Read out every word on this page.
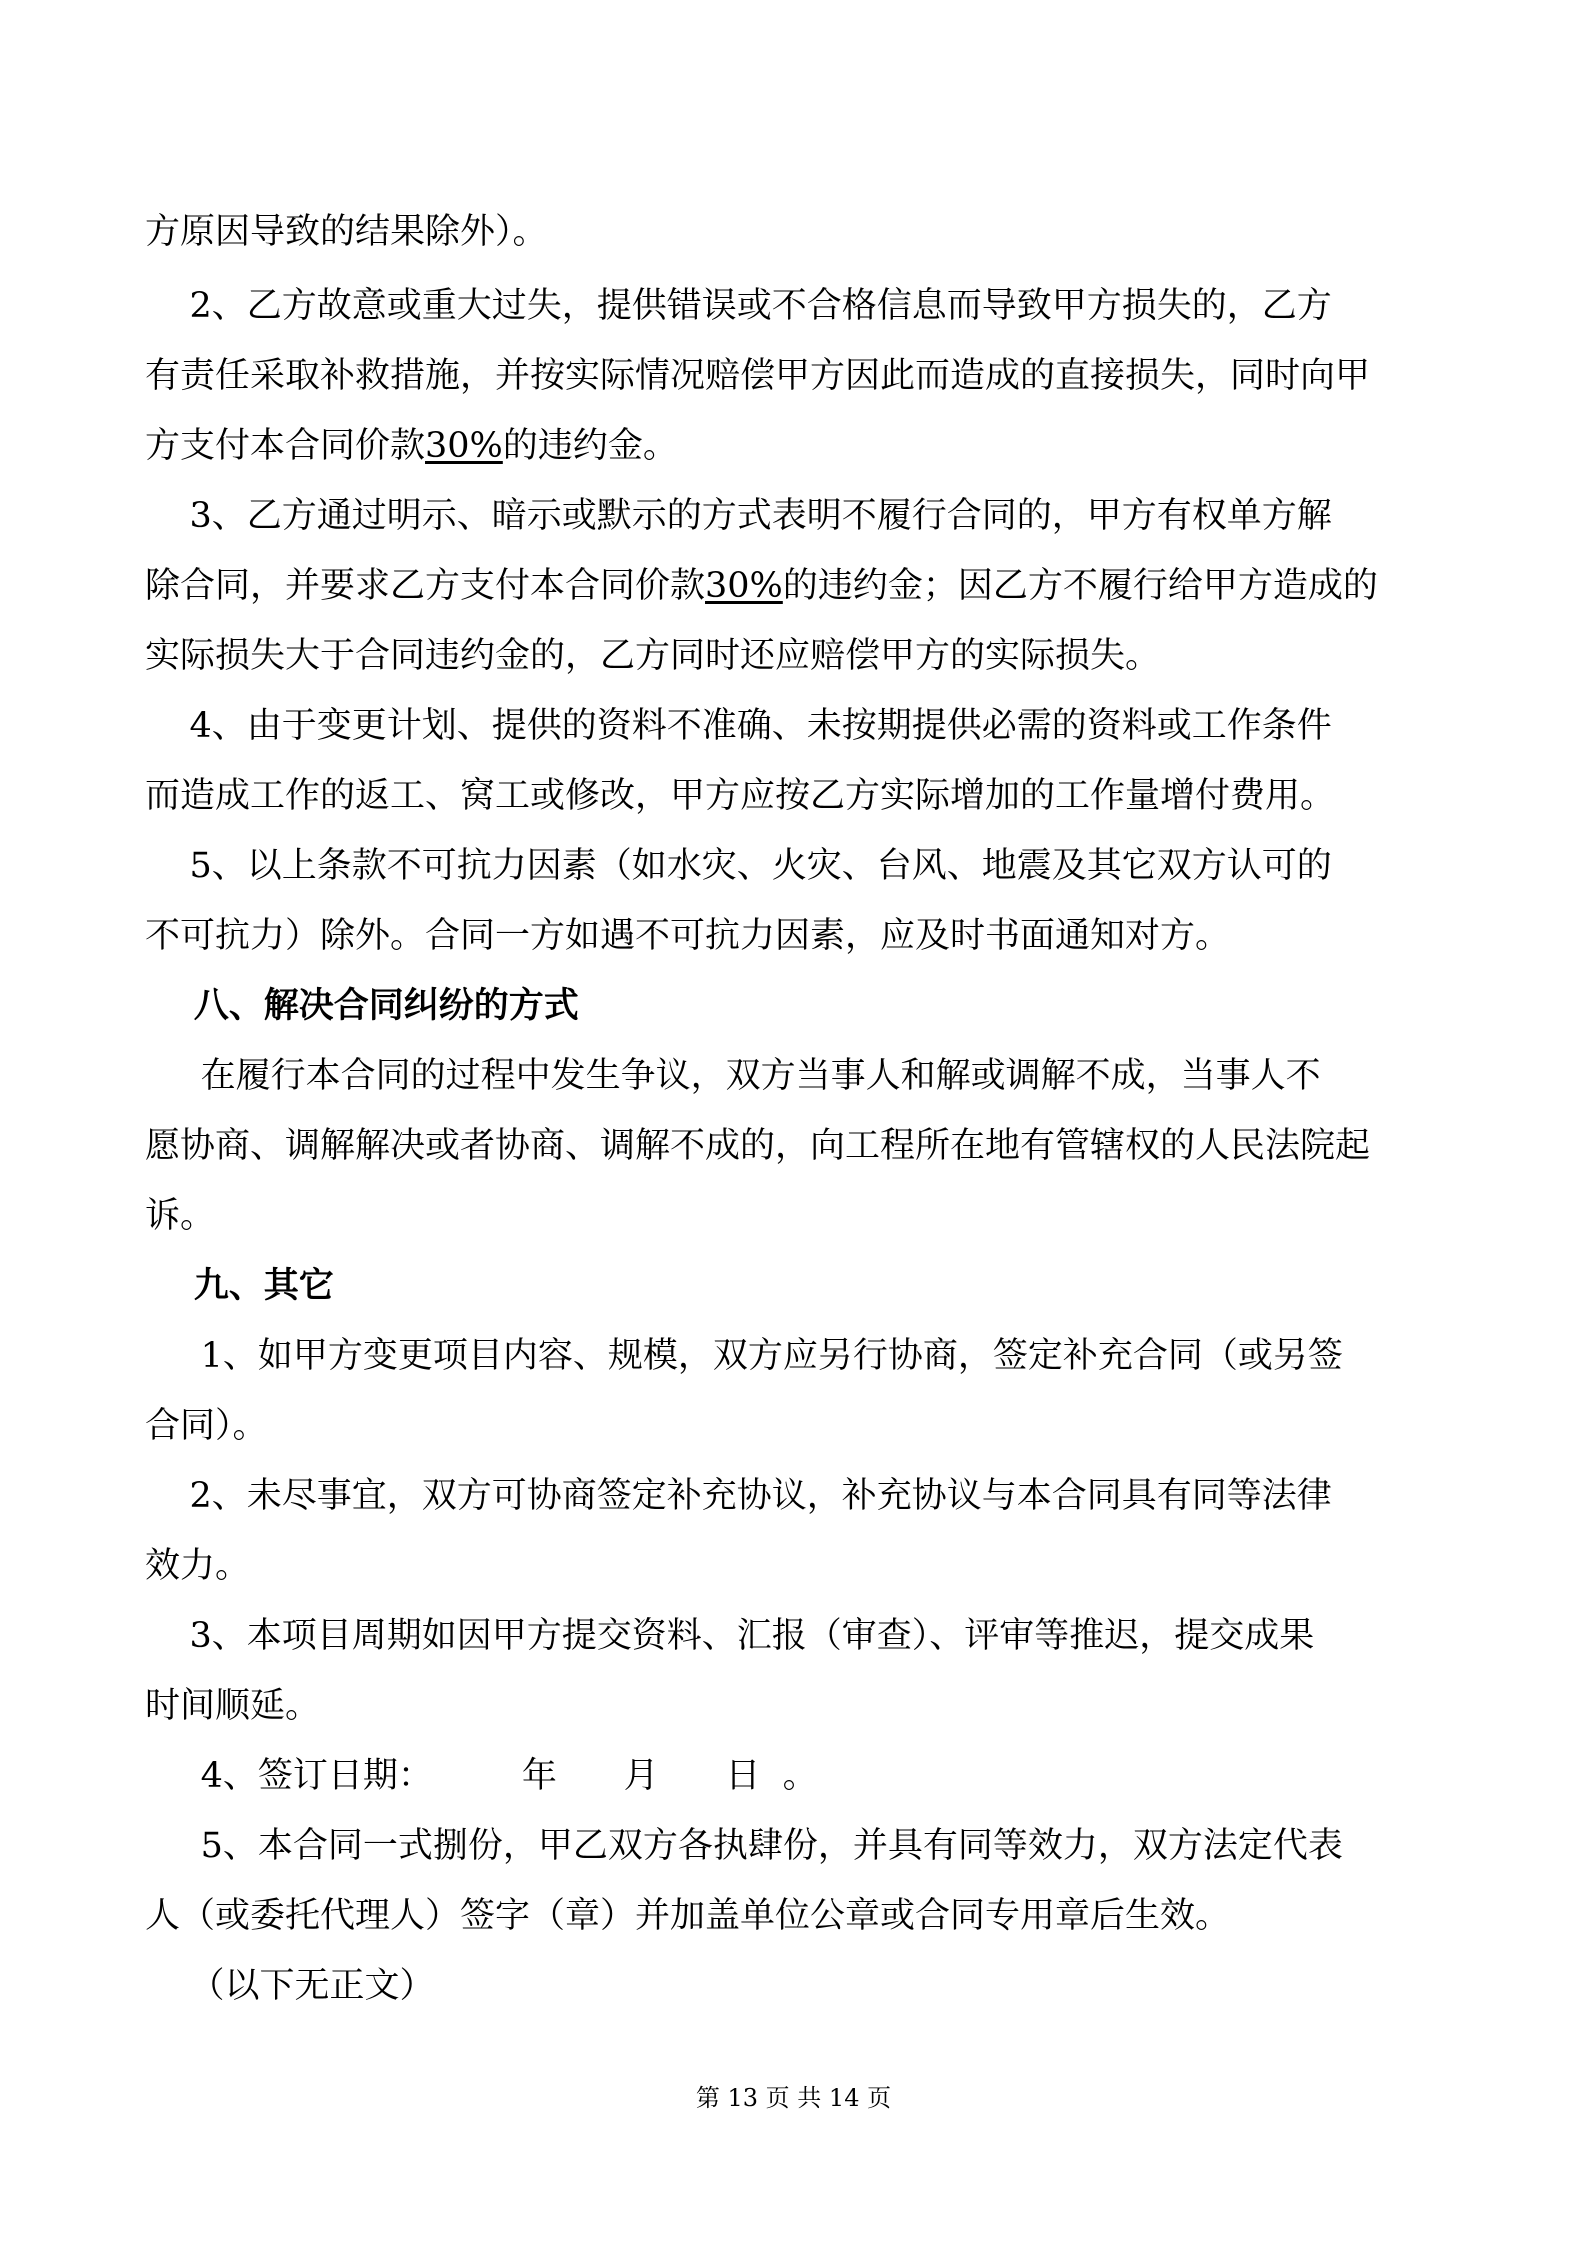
方原因导致的结果除外）。
2、乙方故意或重大过失，提供错误或不合格信息而导致甲方损失的，乙方
有责任采取补救措施，并按实际情况赔偿甲方因此而造成的直接损失，同时向甲
方支付本合同价款30%的违约金。
3、乙方通过明示、暗示或默示的方式表明不履行合同的，甲方有权单方解
除合同，并要求乙方支付本合同价款30%的违约金；因乙方不履行给甲方造成的
实际损失大于合同违约金的，乙方同时还应赔偿甲方的实际损失。
4、由于变更计划、提供的资料不准确、未按期提供必需的资料或工作条件
而造成工作的返工、窝工或修改，甲方应按乙方实际增加的工作量增付费用。
5、以上条款不可抗力因素（如水灾、火灾、台风、地震及其它双方认可的
不可抗力）除外。合同一方如遇不可抗力因素，应及时书面通知对方。
八、解决合同纠纷的方式
在履行本合同的过程中发生争议，双方当事人和解或调解不成，当事人不
愿协商、调解解决或者协商、调解不成的，向工程所在地有管辖权的人民法院起
诉。
九、其它
1、如甲方变更项目内容、规模，双方应另行协商，签定补充合同（或另签
合同）。
2、未尽事宜，双方可协商签定补充协议，补充协议与本合同具有同等法律
效力。
3、本项目周期如因甲方提交资料、汇报（审查）、评审等推迟，提交成果
时间顺延。
4、签订日期：        年      月      日  。
5、本合同一式捌份，甲乙双方各执肆份，并具有同等效力，双方法定代表
人（或委托代理人）签字（章）并加盖单位公章或合同专用章后生效。
（以下无正文）
第 13 页 共 14 页
